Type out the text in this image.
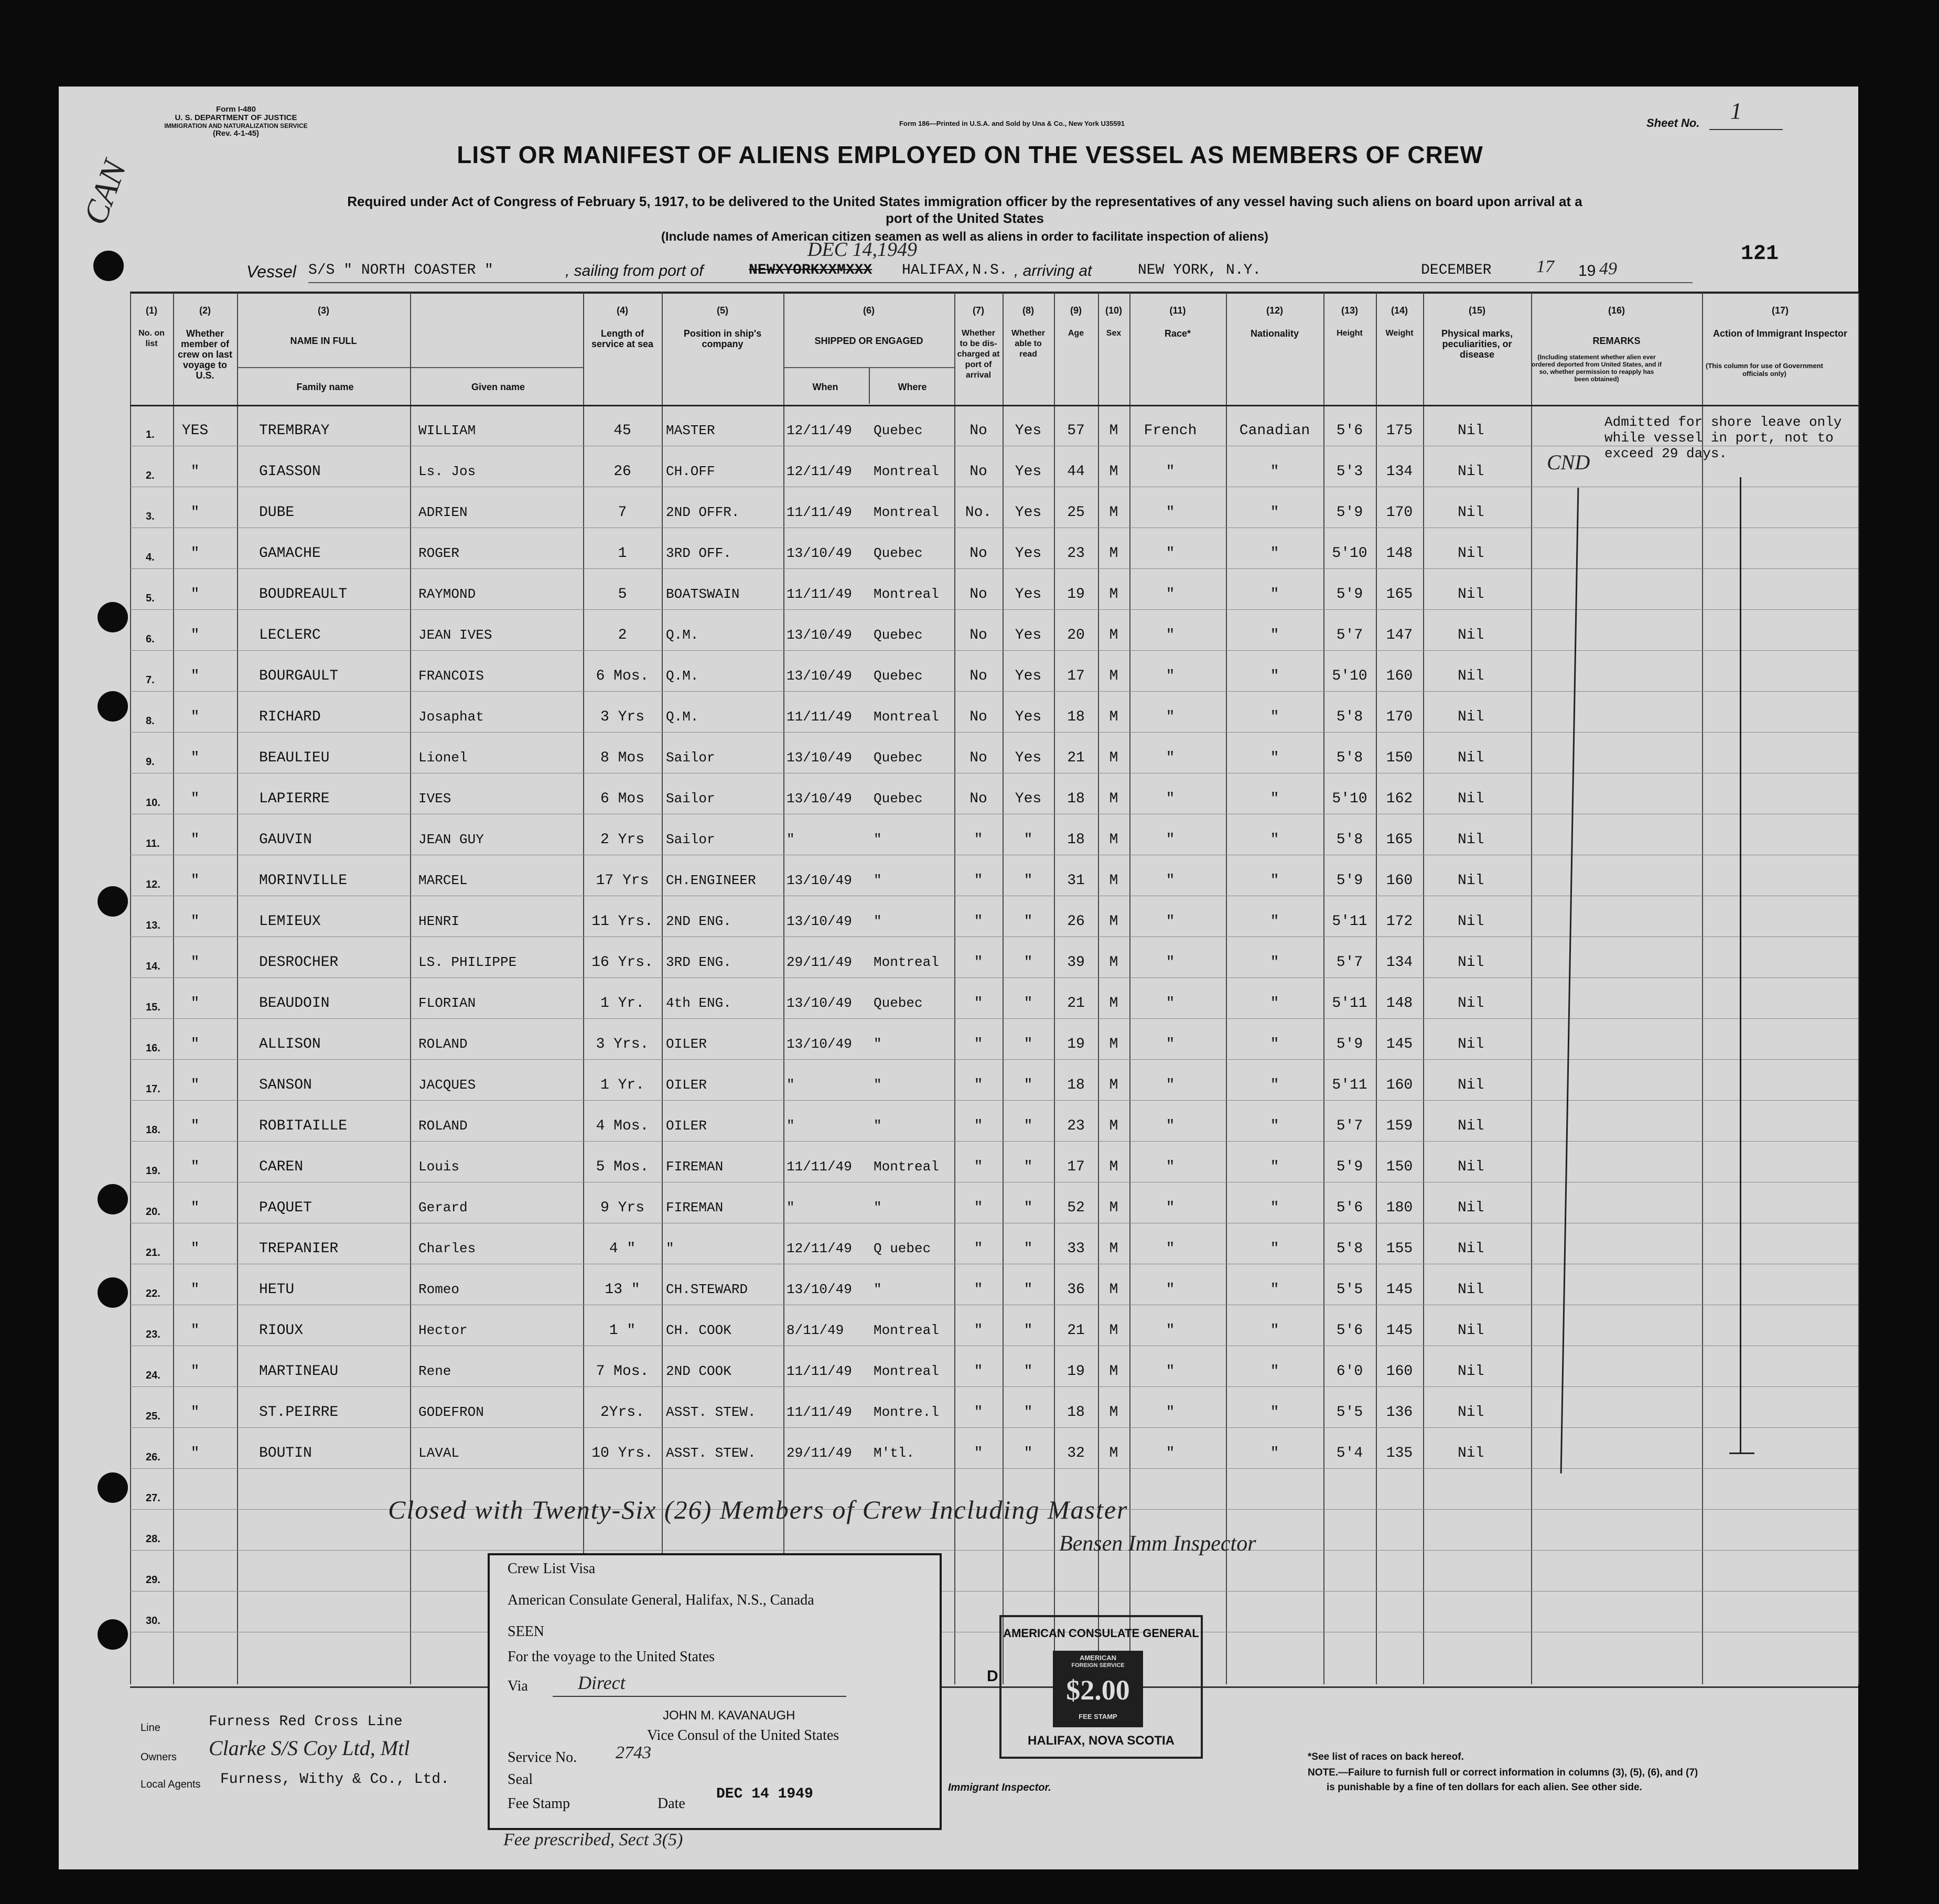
Form I-480
U. S. DEPARTMENT OF JUSTICE
IMMIGRATION AND NATURALIZATION SERVICE
(Rev. 4-1-45)
Form 186—Printed in U.S.A. and Sold by Una & Co., New York U35591	Sheet No. 1
CAN
LIST OR MANIFEST OF ALIENS EMPLOYED ON THE VESSEL AS MEMBERS OF CREW
Required under Act of Congress of February 5, 1917, to be delivered to the United States immigration officer by the representatives of any vessel having such aliens on board upon arrival at a
port of the United States
(Include names of American citizen seamen as well as aliens in order to facilitate inspection of aliens)
121
Vessel S/S " NORTH COASTER "	, sailing from port of	NEWXYORKXXMXXX
DEC 14,1949
HALIFAX,N.S. , arriving at	NEW YORK, N.Y.	DECEMBER	17 19 49
(1)
No. on list
(2)
Whether member of crew on last voyage to U.S.
(3)
NAME IN FULL
(4)
Length of service at sea
(5)
Position in ship's company
(6)
SHIPPED OR ENGAGED
(7)
Whether to be dis-charged at port of arrival
(8)
Whether able to read
(9)
Age
(10)
Sex
(11)
Race*
(12)
Nationality
(13)
Height
(14)
Weight
(15)
Physical marks, peculiarities, or disease
(16)
REMARKS
(17)
Action of Immigrant Inspector
Family name	Given name	When	Where
(Including statement whether alien ever ordered deported from United States, and if so, whether permission to reapply has been obtained)
(This column for use of Government officials only)
1.	YES	TREMBRAY	WILLIAM	45	MASTER	12/11/49 Quebec	No	Yes	57	M	French	Canadian	5'6	175	Nil
2.	"	GIASSON	Ls. Jos	26	CH.OFF	12/11/49 Montreal	No	Yes	44	M	"	"	5'3	134	Nil
3.	"	DUBE	ADRIEN	7	2ND OFFR.	11/11/49 Montreal	No.	Yes	25	M	"	"	5'9	170	Nil
4.	"	GAMACHE	ROGER	1	3RD OFF.	13/10/49 Quebec	No	Yes	23	M	"	"	5'10	148	Nil
5.	"	BOUDREAULT	RAYMOND	5	BOATSWAIN	11/11/49 Montreal	No	Yes	19	M	"	"	5'9	165	Nil
6.	"	LECLERC	JEAN IVES	2	Q.M.	13/10/49 Quebec	No	Yes	20	M	"	"	5'7	147	Nil
7.	"	BOURGAULT	FRANCOIS	6 Mos.	Q.M.	13/10/49 Quebec	No	Yes	17	M	"	"	5'10	160	Nil
8.	"	RICHARD	Josaphat	3 Yrs	Q.M.	11/11/49 Montreal	No	Yes	18	M	"	"	5'8	170	Nil
9.	"	BEAULIEU	Lionel	8 Mos	Sailor	13/10/49 Quebec	No	Yes	21	M	"	"	5'8	150	Nil
10.	"	LAPIERRE	IVES	6 Mos	Sailor	13/10/49 Quebec	No	Yes	18	M	"	"	5'10	162	Nil
11.	"	GAUVIN	JEAN GUY	2 Yrs	Sailor	"	"	"	"	18	M	"	"	5'8	165	Nil
12.	"	MORINVILLE	MARCEL	17 Yrs	CH.ENGINEER 13/10/49 "	"	"	31	M	"	"	5'9	160	Nil
13.	"	LEMIEUX	HENRI	11 Yrs. 2ND ENG.	13/10/49 "	"	"	26	M	"	"	5'11	172	Nil
14.	"	DESROCHER	LS. PHILIPPE	16 Yrs. 3RD ENG.	29/11/49 Montreal	"	"	39	M	"	"	5'7	134	Nil
15.	"	BEAUDOIN	FLORIAN	1 Yr.	4th ENG.	13/10/49 Quebec	"	"	21	M	"	"	5'11	148	Nil
16.	"	ALLISON	ROLAND	3 Yrs.	OILER	13/10/49 "	"	"	19	M	"	"	5'9	145	Nil
17.	"	SANSON	JACQUES	1 Yr.	OILER	"	"	"	"	18	M	"	"	5'11	160	Nil
18.	"	ROBITAILLE	ROLAND	4 Mos.	OILER	"	"	"	"	23	M	"	"	5'7	159	Nil
19.	"	CAREN	Louis	5 Mos.	FIREMAN	11/11/49 Montreal	"	"	17	M	"	"	5'9	150	Nil
20.	"	PAQUET	Gerard	9 Yrs	FIREMAN	"	"	"	"	52	M	"	"	5'6	180	Nil
21.	"	TREPANIER	Charles	4 "	"	12/11/49 Q uebec	"	"	33	M	"	"	5'8	155	Nil
22.	"	HETU	Romeo	13 "	CH.STEWARD	13/10/49 "	"	"	36	M	"	"	5'5	145	Nil
23.	"	RIOUX	Hector	1 "	CH. COOK	8/11/49 Montreal	"	"	21	M	"	"	5'6	145	Nil
24.	"	MARTINEAU	Rene	7 Mos.	2ND COOK	11/11/49 Montreal	"	"	19	M	"	"	6'0	160	Nil
25.	"	ST.PEIRRE	GODEFRON	2Yrs.	ASST. STEW. 11/11/49 Montre.l	"	"	18	M	"	"	5'5	136	Nil
26.	"	BOUTIN	LAVAL	10 Yrs. ASST. STEW. 29/11/49 M'tl.	"	"	32	M	"	"	5'4	135	Nil
27.
28.
29.
30.
Admitted for shore leave only
while vessel in port, not to
exceed 29 days.
CND
Closed with Twenty-Six (26) Members of Crew Including Master
Bensen Imm Inspector
Crew List Visa
American Consulate General, Halifax, N.S., Canada
SEEN
For the voyage to the United States
Via	Direct
JOHN M. KAVANAUGH
Vice Consul of the United States
Service No. 2743
Seal
Fee Stamp	Date
DEC 14 1949
Fee prescribed, Sect 3(5)
AMERICAN CONSULATE GENERAL
HALIFAX, NOVA SCOTIA
AMERICAN
FOREIGN SERVICE
$2.00
FEE STAMP
D
Line	Furness Red Cross Line
Owners Clarke S/S Coy Ltd, Mtl
Local Agents Furness, Withy & Co., Ltd.	Immigrant Inspector.
*See list of races on back hereof.
NOTE.—Failure to furnish full or correct information in columns (3), (5), (6), and (7)
is punishable by a fine of ten dollars for each alien. See other side.
